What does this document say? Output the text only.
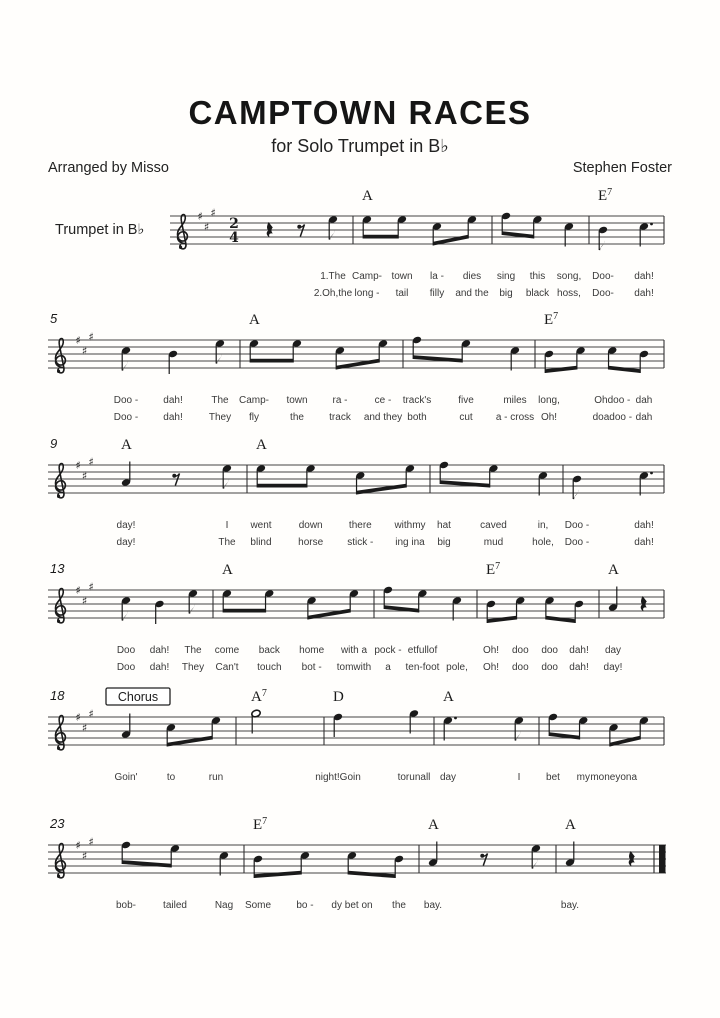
CAMPTOWN RACES
for Solo Trumpet in B♭
Arranged by Misso	Stephen Foster
Trumpet in B♭
♯
♯
♯
2
4
1.The
2.Oh,the
Camp-
long -
town
tail
la -
filly
dies
and the
A
sing
big
this
black
song,
hoss,
Doo-
Doo-
dah!
dah!
$E^7$
♯
♯
♯
5
Doo -
Doo -
dah!
dah!
The
They
Camp-
fly
town
the
ra -
track
ce -
and they
A
track's
both
five
cut
miles
a - cross
long,
Oh!
Ohdoo -
doadoo -
dah
dah
$E^7$
♯
♯
♯
9
day!
day!
I
The
A
went
blind
down
horse
there
stick -
withmy
ing ina
A
hat
big
caved
mud
in,
hole,
Doo -
Doo -
dah!
dah!
♯
♯
♯
13
Doo
Doo
dah!
dah!
The
They
come
Can't
back
touch
home
bot -
with a
tomwith
A
pock -
a
etfullof
ten-foot pole,
Oh!
Oh!
doo
doo
doo
doo
dah!
dah!
$E^7$
day
day!
A
♯
♯
♯
18	Chorus
Goin'	to	run
$A^7$
night!Goin	torunall
D
day	I
A
bet my moneyona
♯
♯
♯
23
bob-	tailed	Nag Some	bo - dy bet on the
$E^7$
bay.
A
bay.
A
